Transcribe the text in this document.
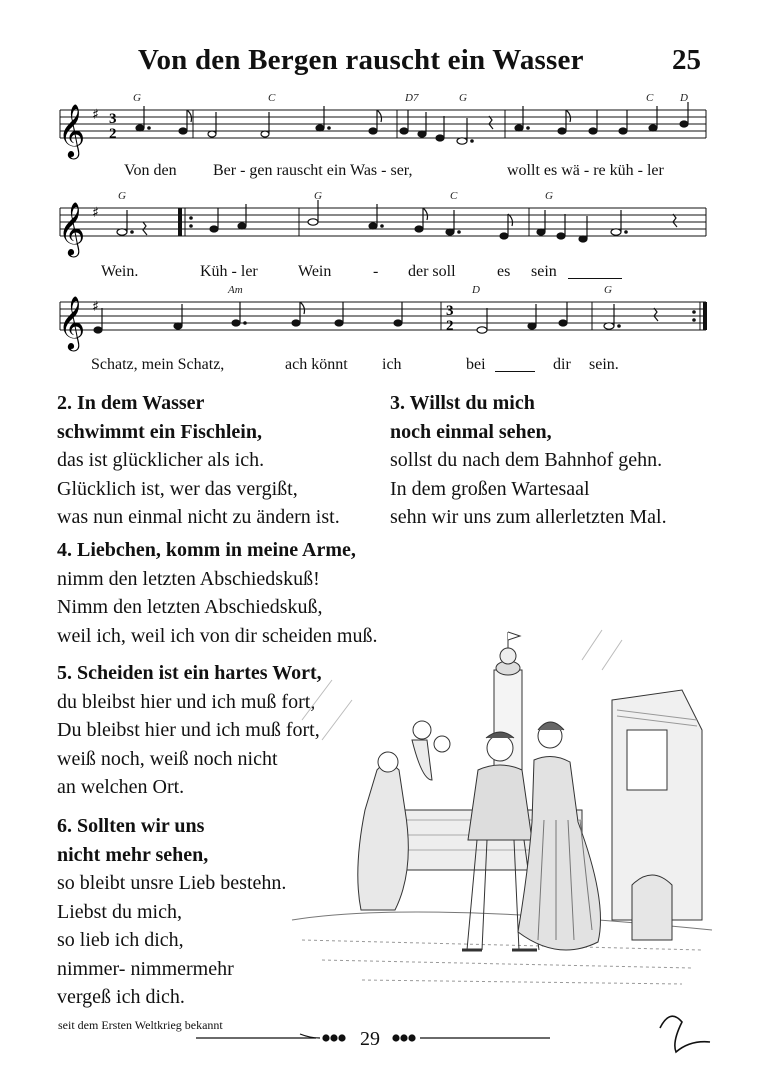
Von den Bergen rauscht ein Wasser	25
𝄞 ♯ 3
2
G	C	D7	G	C D
Von den Ber - gen rauscht ein Was - ser,	wollt es wä - re küh - ler
𝄞 ♯
G	G	C	G
Wein.	Küh - ler	Wein	- der soll	es sein
𝄞 ♯	3
2
Am	D	G
Schatz, mein Schatz,	ach könnt ich	bei	dir sein.
2. In dem Wasser
schwimmt ein Fischlein,
das ist glücklicher als ich.
Glücklich ist, wer das vergißt,
was nun einmal nicht zu ändern ist.
3. Willst du mich
noch einmal sehen,
sollst du nach dem Bahnhof gehn.
In dem großen Wartesaal
sehn wir uns zum allerletzten Mal.
4. Liebchen, komm in meine Arme,
nimm den letzten Abschiedskuß!
Nimm den letzten Abschiedskuß,
weil ich, weil ich von dir scheiden muß.
5. Scheiden ist ein hartes Wort,
du bleibst hier und ich muß fort,
Du bleibst hier und ich muß fort,
weiß noch, weiß noch nicht
an welchen Ort.
6. Sollten wir uns
nicht mehr sehen,
so bleibt unsre Lieb bestehn.
Liebst du mich,
so lieb ich dich,
nimmer- nimmermehr
vergeß ich dich.
seit dem Ersten Weltkrieg bekannt
29
